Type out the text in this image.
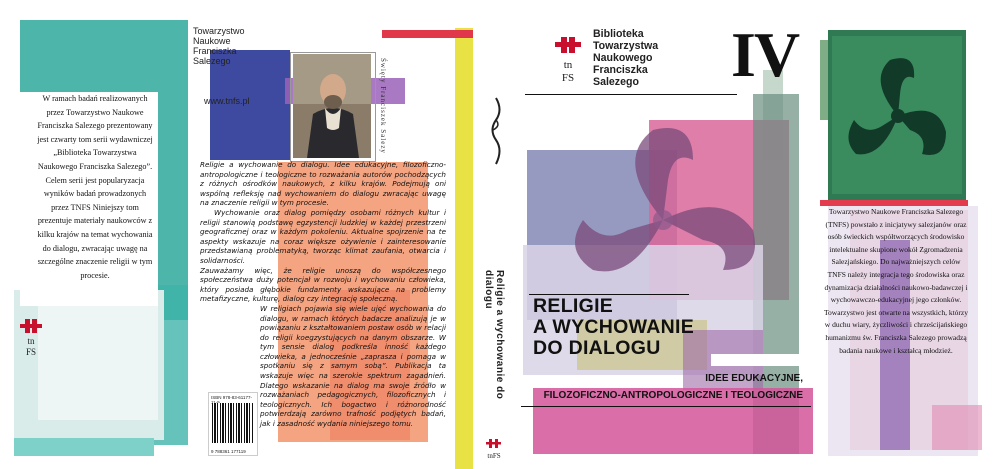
W ramach badań realizowanych przez Towarzystwo Naukowe Franciszka Salezego prezentowany jest czwarty tom serii wydawniczej „Biblioteka Towarzystwa Naukowego Franciszka Salezego”. Celem serii jest popularyzacja wyników badań prowadzonych przez TNFS Niniejszy tom prezentuje materiały naukowców z kilku krajów na temat wychowania do dialogu, zwracając uwagę na szczególne znaczenie religii w tym procesie.
tn
FS
Święty Franciszek Salezy
Towarzystwo Naukowe Franciszka Salezego
www.tnfs.pl

Religie a wychowanie do dialogu. Idee edukacyjne, filozoficzno-antropologiczne i teologiczne to rozważania autorów pochodzących z różnych ośrodków naukowych, z kilku krajów. Podejmują oni wspólną refleksję nad wychowaniem do dialogu zwracając uwagę na znaczenie religii w tym procesie.

Wychowanie oraz dialog pomiędzy osobami różnych kultur i religii stanowią podstawę egzystencji ludzkiej w każdej przestrzeni geograficznej oraz w każdym pokoleniu. Aktualne spojrzenie na te aspekty wskazuje na coraz większe ożywienie i zainteresowanie przedstawianą problematyką, tworząc klimat zaufania, otwarcia i solidarności.

Zauważamy więc, że religie unoszą do współczesnego społeczeństwa duży potencjał w rozwoju i wychowaniu człowieka, który posiada głębokie fundamenty wskazujące na problemy metafizyczne, kulturę, dialog czy integrację społeczną.

W religiach pojawia się wiele ujęć wychowania do dialogu, w ramach których badacze analizują je w powiązaniu z kształtowaniem postaw osób w relacji do religii koegzystujących na danym obszarze. W tym sensie dialog podkreśla inność każdego człowieka, a jednocześnie „zaprasza i pomaga w spotkaniu się z samym sobą”. Publikacja ta wskazuje więc na szerokie spektrum zagadnień. Dlatego wskazanie na dialog ma swoje źródło w rozważaniach pedagogicznych, filozoficznych i teologicznych. Ich bogactwo i różnorodność potwierdzają zarówno trafność podjętych badań, jak i zasadność wydania niniejszego tomu.

ISBN 978-83-61177-
9 788361 177119
Religie a wychowanie do dialogu
tnFS
tn
FS
Biblioteka
Towarzystwa
Naukowego
Franciszka
Salezego	IV
RELIGIE
A WYCHOWANIE
DO DIALOGU
IDEE EDUKACYJNE,
FILOZOFICZNO-ANTROPOLOGICZNE I TEOLOGICZNE
Towarzystwo Naukowe Franciszka Salezego (TNFS) powstało z inicjatywy salezjanów oraz osób świeckich współtworzących środowisko intelektualne skupione wokół Zgromadzenia Salezjańskiego. Do najważniejszych celów TNFS należy integracja tego środowiska oraz dynamizacja działalności naukowo-badawczej i wychowawczo-edukacyjnej jego członków. Towarzystwo jest otwarte na wszystkich, którzy w duchu wiary, życzliwości i chrześcijańskiego humanizmu św. Franciszka Salezego prowadzą badania naukowe i kształcą młodzież.
